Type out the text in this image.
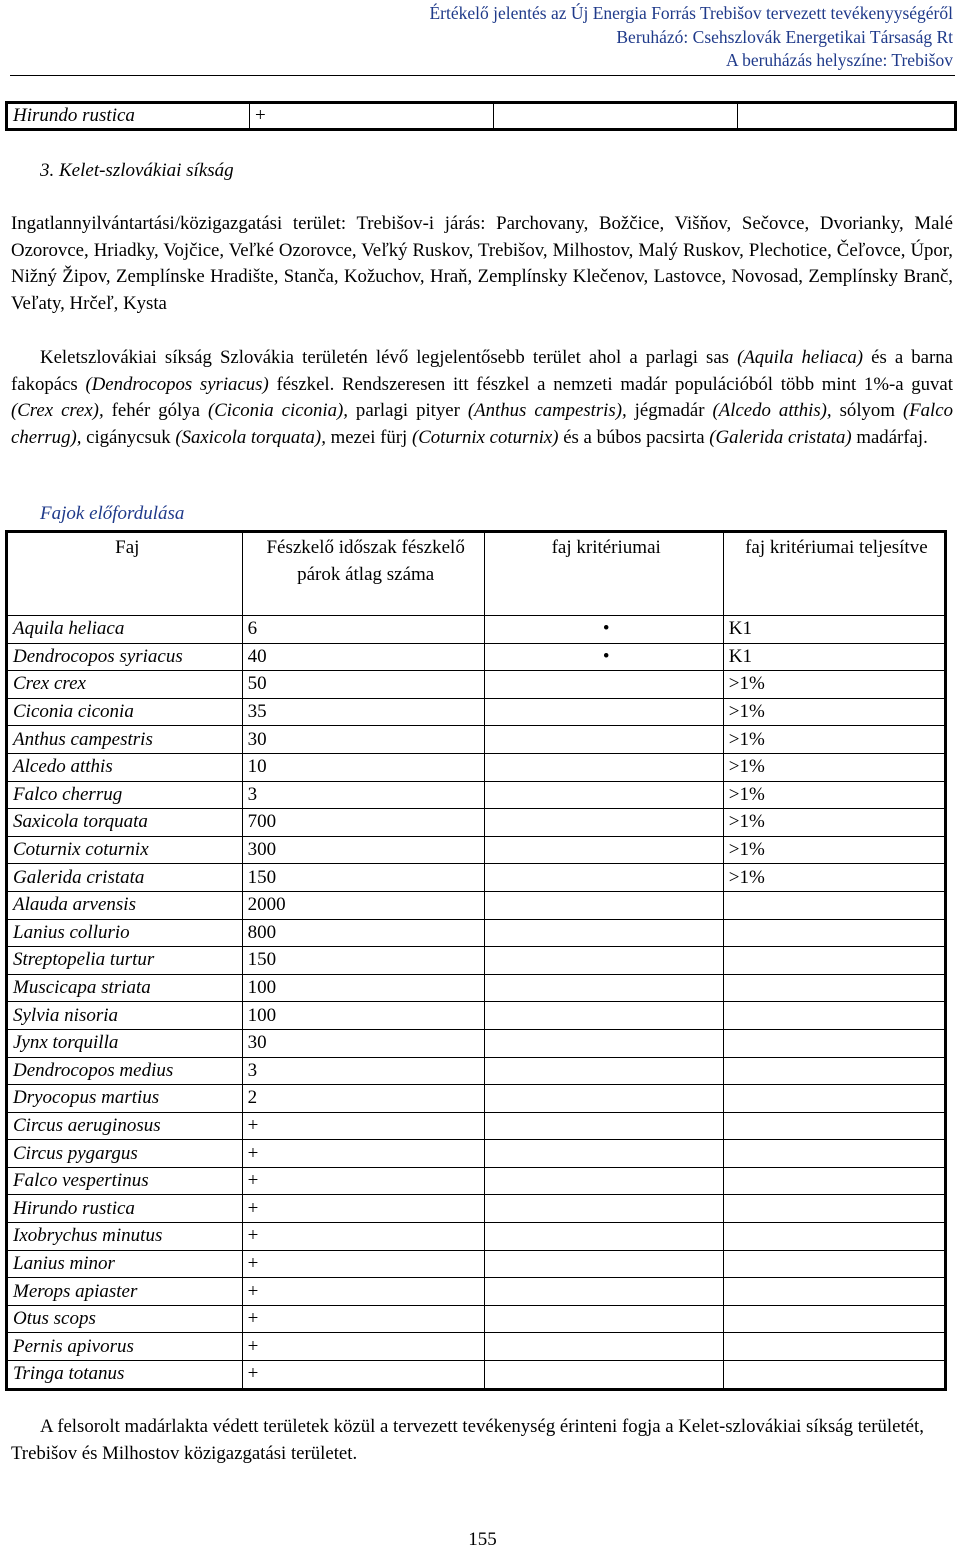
Értékelő jelentés az Új Energia Forrás Trebišov tervezett tevékenyységéről
Beruházó: Csehszlovák Energetikai Társaság Rt
A beruházás helyszíne: Trebišov
Hirundo rustica	+		
3. Kelet-szlovákiai síkság
Ingatlannyilvántartási/közigazgatási terület: Trebišov-i járás: Parchovany, Božčice, Višňov, Sečovce, Dvorianky, Malé Ozorovce, Hriadky, Vojčice, Veľké Ozorovce, Veľký Ruskov, Trebišov, Milhostov, Malý Ruskov, Plechotice, Čeľovce, Úpor, Nižný Žipov, Zemplínske Hradište, Stanča, Kožuchov, Hraň, Zemplínsky Klečenov, Lastovce, Novosad, Zemplínsky Branč, Veľaty, Hrčeľ, Kysta
Keletszlovákiai síkság Szlovákia területén lévő legjelentősebb terület ahol a parlagi sas (Aquila heliaca) és a barna fakopács (Dendrocopos syriacus) fészkel. Rendszeresen itt fészkel a nemzeti madár populációból több mint 1%-a guvat (Crex crex), fehér gólya (Ciconia ciconia), parlagi pityer (Anthus campestris), jégmadár (Alcedo atthis), sólyom (Falco cherrug), cigánycsuk (Saxicola torquata), mezei fürj (Coturnix coturnix) és a búbos pacsirta (Galerida cristata) madárfaj.
Fajok előfordulása
Faj	Fészkelő időszak fészkelő párok átlag száma	faj kritériumai	faj kritériumai teljesítve
Aquila heliaca	6	•	K1
Dendrocopos syriacus	40	•	K1
Crex crex	50		>1%
Ciconia ciconia	35		>1%
Anthus campestris	30		>1%
Alcedo atthis	10		>1%
Falco cherrug	3		>1%
Saxicola torquata	700		>1%
Coturnix coturnix	300		>1%
Galerida cristata	150		>1%
Alauda arvensis	2000		
Lanius collurio	800		
Streptopelia turtur	150		
Muscicapa striata	100		
Sylvia nisoria	100		
Jynx torquilla	30		
Dendrocopos medius	3		
Dryocopus martius	2		
Circus aeruginosus	+		
Circus pygargus	+		
Falco vespertinus	+		
Hirundo rustica	+		
Ixobrychus minutus	+		
Lanius minor	+		
Merops apiaster	+		
Otus scops	+		
Pernis apivorus	+		
Tringa totanus	+		
A felsorolt madárlakta védett területek közül a tervezett tevékenység érinteni fogja a Kelet-szlovákiai síkság területét, Trebišov és Milhostov közigazgatási területet.
155
